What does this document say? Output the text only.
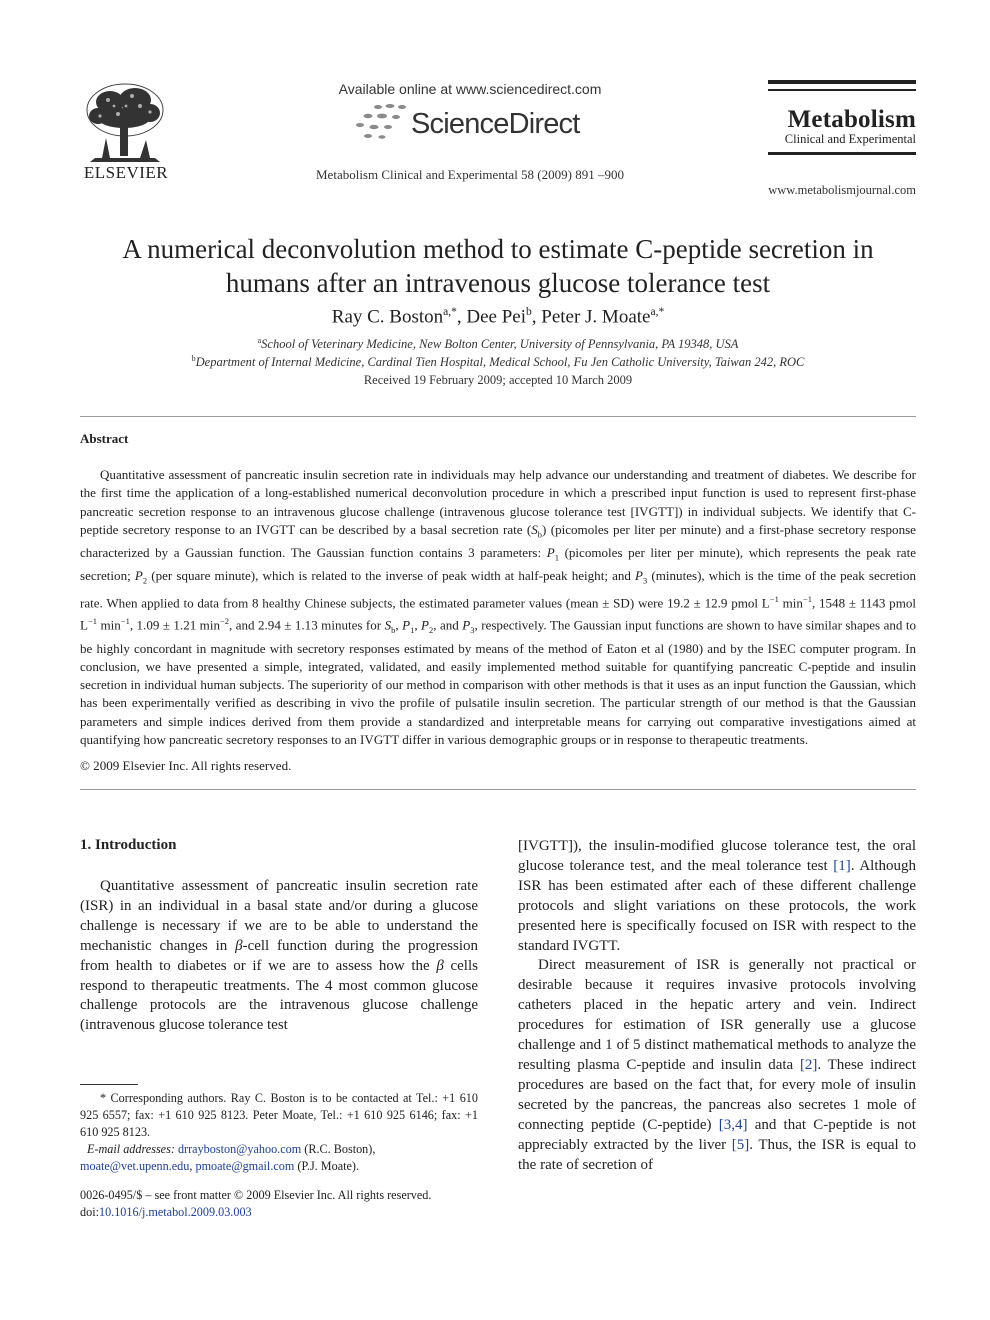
ELSEVIER
Available online at www.sciencedirect.com
ScienceDirect
Metabolism Clinical and Experimental 58 (2009) 891 –900
Metabolism
Clinical and Experimental
www.metabolismjournal.com
A numerical deconvolution method to estimate C-peptide secretion in
humans after an intravenous glucose tolerance test
Ray C. Boston$^{a,*}$, Dee Pei$^b$, Peter J. Moate$^{a,*}$
$^a$School of Veterinary Medicine, New Bolton Center, University of Pennsylvania, PA 19348, USA
$^b$Department of Internal Medicine, Cardinal Tien Hospital, Medical School, Fu Jen Catholic University, Taiwan 242, ROC
Received 19 February 2009; accepted 10 March 2009
Abstract

Quantitative assessment of pancreatic insulin secretion rate in individuals may help advance our understanding and treatment of diabetes. We describe for the first time the application of a long-established numerical deconvolution procedure in which a prescribed input function is used to represent first-phase pancreatic secretion response to an intravenous glucose challenge (intravenous glucose tolerance test [IVGTT]) in individual subjects. We identify that C-peptide secretory response to an IVGTT can be described by a basal secretion rate $(S_b)$ (picomoles per liter per minute) and a first-phase secretory response characterized by a Gaussian function. The Gaussian function contains 3 parameters: $P_1$ (picomoles per liter per minute), which represents the peak rate secretion; $P_2$ (per square minute), which is related to the inverse of peak width at half-peak height; and $P_3$ (minutes), which is the time of the peak secretion rate. When applied to data from 8 healthy Chinese subjects, the estimated parameter values (mean ± SD) were 19.2 ± 12.9 pmol $L^{-1}$ $\min^{-1}$, 1548 ± 1143 pmol $L^{-1}$ $\min^{-1}$, 1.09 ± 1.21 $\min^{-2}$, and 2.94 ± 1.13 minutes for $S_b$, $P_1$, $P_2$, and $P_3$, respectively. The Gaussian input functions are shown to have similar shapes and to be highly concordant in magnitude with secretory responses estimated by means of the method of Eaton et al (1980) and by the ISEC computer program. In conclusion, we have presented a simple, integrated, validated, and easily implemented method suitable for quantifying pancreatic C-peptide and insulin secretion in individual human subjects. The superiority of our method in comparison with other methods is that it uses as an input function the Gaussian, which has been experimentally verified as describing in vivo the profile of pulsatile insulin secretion. The particular strength of our method is that the Gaussian parameters and simple indices derived from them provide a standardized and interpretable means for carrying out comparative investigations aimed at quantifying how pancreatic secretory responses to an IVGTT differ in various demographic groups or in response to therapeutic treatments.

© 2009 Elsevier Inc. All rights reserved.
1. Introduction

Quantitative assessment of pancreatic insulin secretion rate (ISR) in an individual in a basal state and/or during a glucose challenge is necessary if we are to be able to understand the mechanistic changes in β-cell function during the progression from health to diabetes or if we are to assess how the β cells respond to therapeutic treatments. The 4 most common glucose challenge protocols are the intravenous glucose challenge (intravenous glucose tolerance test

[IVGTT]), the insulin-modified glucose tolerance test, the oral glucose tolerance test, and the meal tolerance test [1]. Although ISR has been estimated after each of these different challenge protocols and slight variations on these protocols, the work presented here is specifically focused on ISR with respect to the standard IVGTT.

Direct measurement of ISR is generally not practical or desirable because it requires invasive protocols involving catheters placed in the hepatic artery and vein. Indirect procedures for estimation of ISR generally use a glucose challenge and 1 of 5 distinct mathematical methods to analyze the resulting plasma C-peptide and insulin data [2]. These indirect procedures are based on the fact that, for every mole of insulin secreted by the pancreas, the pancreas also secretes 1 mole of connecting peptide (C-peptide) [3,4] and that C-peptide is not appreciably extracted by the liver [5]. Thus, the ISR is equal to the rate of secretion of

* Corresponding authors. Ray C. Boston is to be contacted at Tel.: +1 610 925 6557; fax: +1 610 925 8123. Peter Moate, Tel.: +1 610 925 6146; fax: +1 610 925 8123.
E-mail addresses: drrayboston@yahoo.com (R.C. Boston),
moate@vet.upenn.edu, pmoate@gmail.com (P.J. Moate).
0026-0495/$ – see front matter © 2009 Elsevier Inc. All rights reserved.
doi:10.1016/j.metabol.2009.03.003
